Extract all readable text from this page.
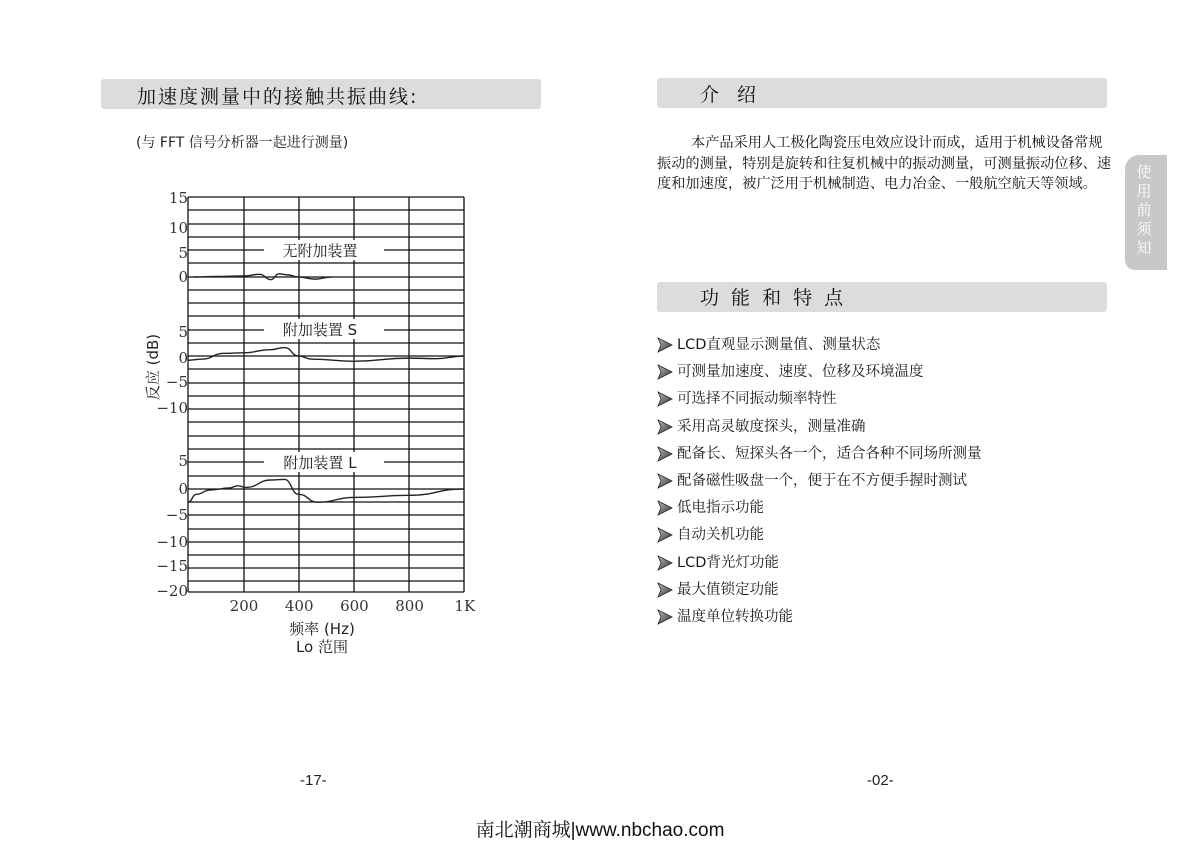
加速度测量中的接触共振曲线:
(与 FFT 信号分析器一起进行测量)
15
10
5
0
5
0
−5
−10
5
0
−5
−10
−15
−20
200 400 600 800 1K
无附加装置
附加装置 S
附加装置 L
反应 (dB)
频率 (Hz)
Lo 范围
-17-
介 绍
本产品采用人工极化陶瓷压电效应设计而成，适用于机械设备常规振动的测量，特别是旋转和往复机械中的振动测量，可测量振动位移、速度和加速度，被广泛用于机械制造、电力冶金、一般航空航天等领域。
功 能 和 特 点
LCD直观显示测量值、测量状态
可测量加速度、速度、位移及环境温度
可选择不同振动频率特性
采用高灵敏度探头，测量准确
配备长、短探头各一个，适合各种不同场所测量
配备磁性吸盘一个，便于在不方便手握时测试
低电指示功能
自动关机功能
LCD背光灯功能
最大值锁定功能
温度单位转换功能
使
用
前
须
知
-02-
南北潮商城|www.nbchao.com
